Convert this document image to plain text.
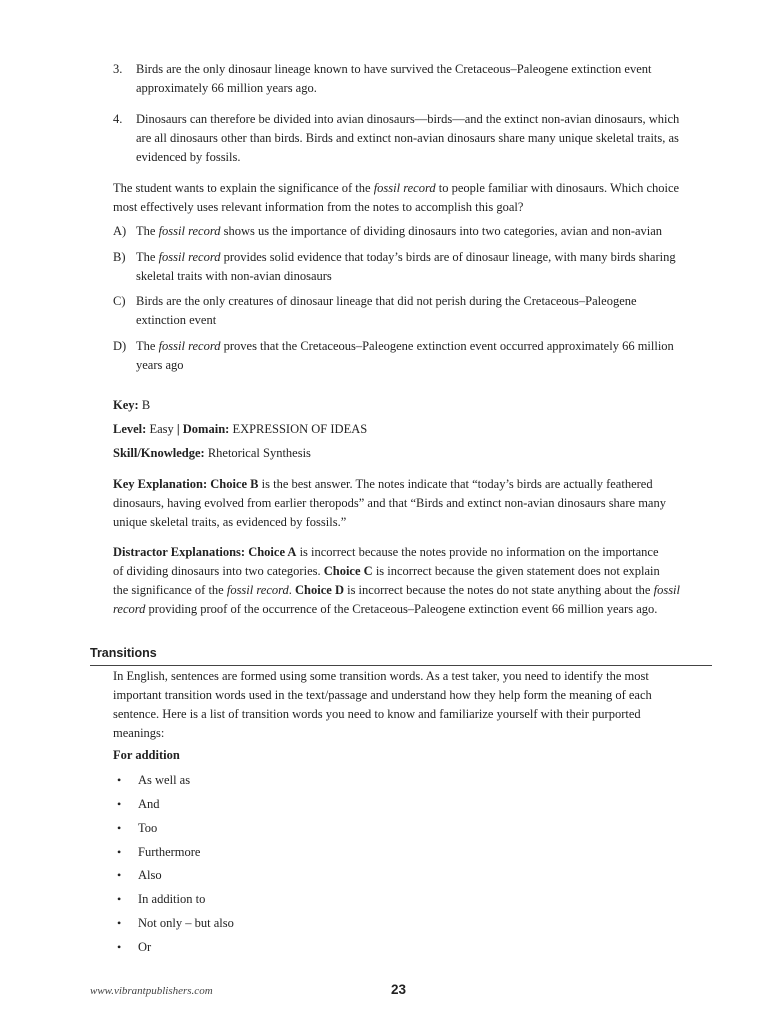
3. Birds are the only dinosaur lineage known to have survived the Cretaceous–Paleogene extinction event
approximately 66 million years ago.
4. Dinosaurs can therefore be divided into avian dinosaurs—birds—and the extinct non-avian dinosaurs, which
are all dinosaurs other than birds. Birds and extinct non-avian dinosaurs share many unique skeletal traits, as
evidenced by fossils.
The student wants to explain the significance of the fossil record to people familiar with dinosaurs. Which choice
most effectively uses relevant information from the notes to accomplish this goal?
A) The fossil record shows us the importance of dividing dinosaurs into two categories, avian and non-avian
B) The fossil record provides solid evidence that today’s birds are of dinosaur lineage, with many birds sharing
skeletal traits with non-avian dinosaurs
C) Birds are the only creatures of dinosaur lineage that did not perish during the Cretaceous–Paleogene
extinction event
D) The fossil record proves that the Cretaceous–Paleogene extinction event occurred approximately 66 million
years ago
Key: B
Level: Easy | Domain: EXPRESSION OF IDEAS
Skill/Knowledge: Rhetorical Synthesis
Key Explanation: Choice B is the best answer. The notes indicate that “today’s birds are actually feathered
dinosaurs, having evolved from earlier theropods” and that “Birds and extinct non-avian dinosaurs share many
unique skeletal traits, as evidenced by fossils.”
Distractor Explanations: Choice A is incorrect because the notes provide no information on the importance
of dividing dinosaurs into two categories. Choice C is incorrect because the given statement does not explain
the significance of the fossil record. Choice D is incorrect because the notes do not state anything about the fossil
record providing proof of the occurrence of the Cretaceous–Paleogene extinction event 66 million years ago.
Transitions
In English, sentences are formed using some transition words. As a test taker, you need to identify the most
important transition words used in the text/passage and understand how they help form the meaning of each
sentence. Here is a list of transition words you need to know and familiarize yourself with their purported
meanings:
For addition
• As well as
• And
• Too
• Furthermore
• Also
• In addition to
• Not only – but also
• Or
www.vibrantpublishers.com	23
